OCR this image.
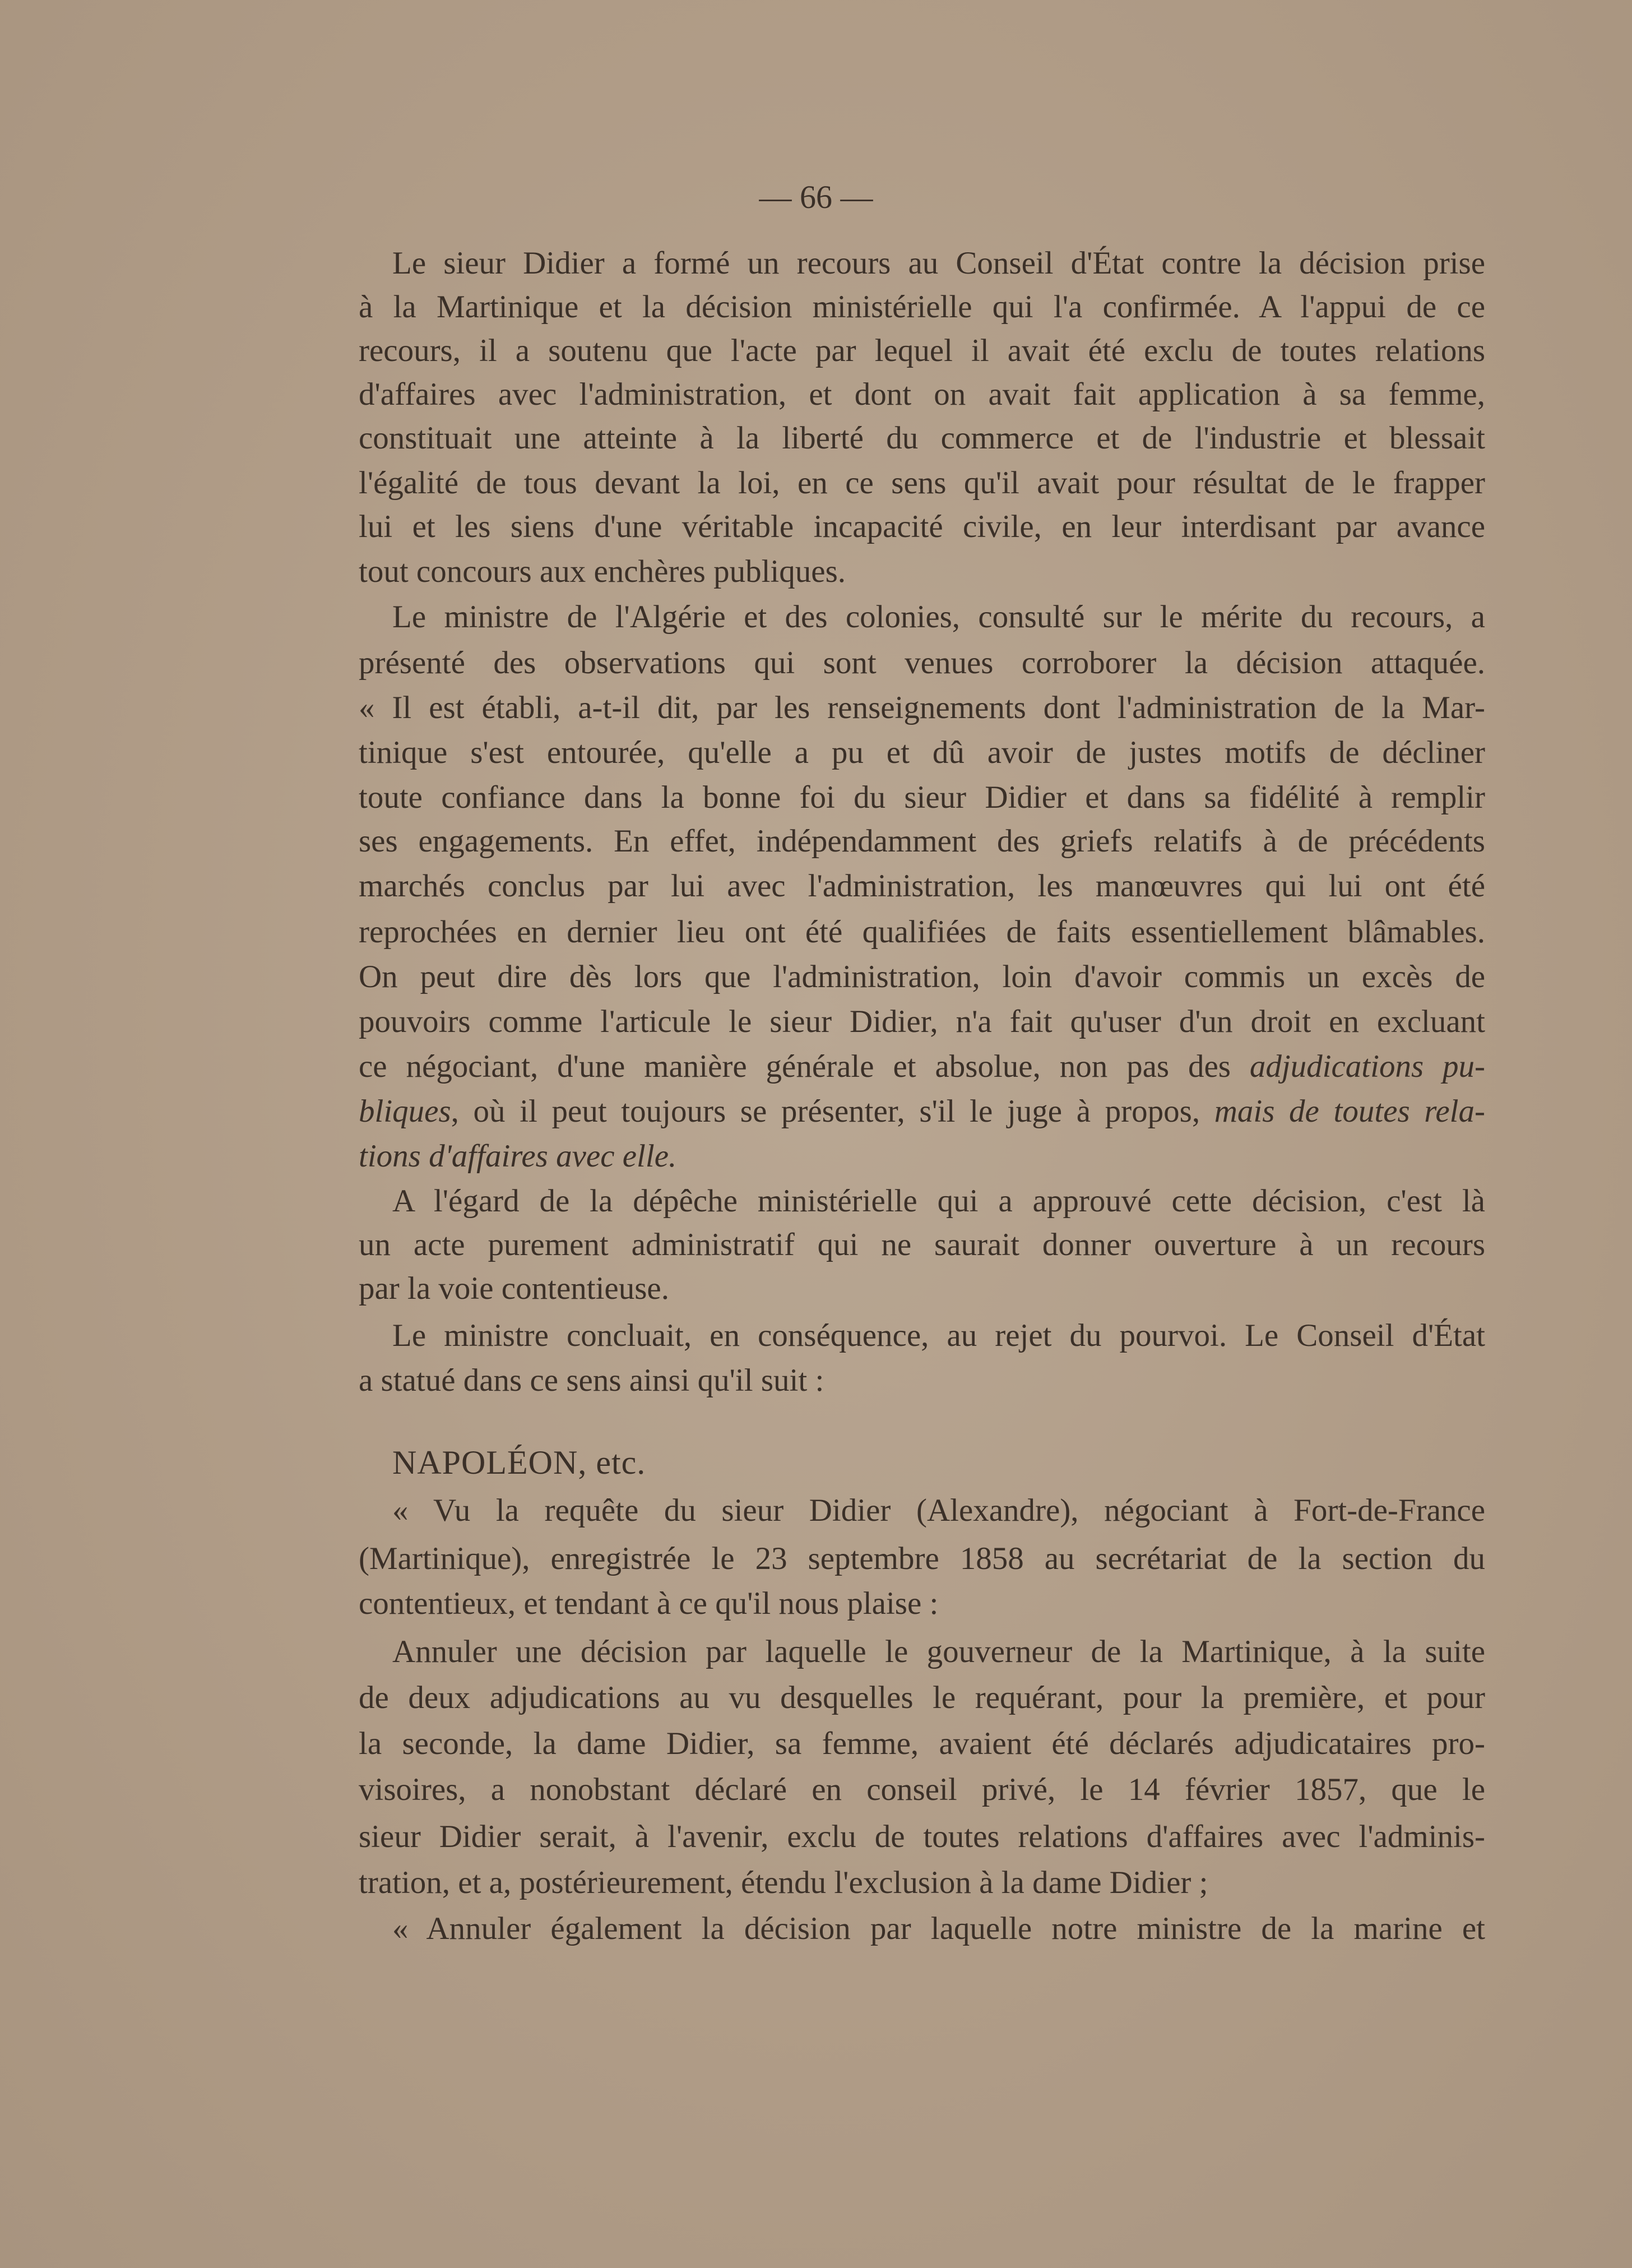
— 66 —
Le sieur Didier a formé un recours au Conseil d'État contre la décision prise
à la Martinique et la décision ministérielle qui l'a confirmée. A l'appui de ce
recours, il a soutenu que l'acte par lequel il avait été exclu de toutes relations
d'affaires avec l'administration, et dont on avait fait application à sa femme,
constituait une atteinte à la liberté du commerce et de l'industrie et blessait
l'égalité de tous devant la loi, en ce sens qu'il avait pour résultat de le frapper
lui et les siens d'une véritable incapacité civile, en leur interdisant par avance
tout concours aux enchères publiques.
Le ministre de l'Algérie et des colonies, consulté sur le mérite du recours, a
présenté des observations qui sont venues corroborer la décision attaquée.
« Il est établi, a-t-il dit, par les renseignements dont l'administration de la Mar-
tinique s'est entourée, qu'elle a pu et dû avoir de justes motifs de décliner
toute confiance dans la bonne foi du sieur Didier et dans sa fidélité à remplir
ses engagements. En effet, indépendamment des griefs relatifs à de précédents
marchés conclus par lui avec l'administration, les manœuvres qui lui ont été
reprochées en dernier lieu ont été qualifiées de faits essentiellement blâmables.
On peut dire dès lors que l'administration, loin d'avoir commis un excès de
pouvoirs comme l'articule le sieur Didier, n'a fait qu'user d'un droit en excluant
ce négociant, d'une manière générale et absolue, non pas des adjudications pu-
bliques, où il peut toujours se présenter, s'il le juge à propos, mais de toutes rela-
tions d'affaires avec elle.
A l'égard de la dépêche ministérielle qui a approuvé cette décision, c'est là
un acte purement administratif qui ne saurait donner ouverture à un recours
par la voie contentieuse.
Le ministre concluait, en conséquence, au rejet du pourvoi. Le Conseil d'État
a statué dans ce sens ainsi qu'il suit :
NAPOLÉON, etc.
« Vu la requête du sieur Didier (Alexandre), négociant à Fort-de-France
(Martinique), enregistrée le 23 septembre 1858 au secrétariat de la section du
contentieux, et tendant à ce qu'il nous plaise :
Annuler une décision par laquelle le gouverneur de la Martinique, à la suite
de deux adjudications au vu desquelles le requérant, pour la première, et pour
la seconde, la dame Didier, sa femme, avaient été déclarés adjudicataires pro-
visoires, a nonobstant déclaré en conseil privé, le 14 février 1857, que le
sieur Didier serait, à l'avenir, exclu de toutes relations d'affaires avec l'adminis-
tration, et a, postérieurement, étendu l'exclusion à la dame Didier ;
« Annuler également la décision par laquelle notre ministre de la marine et
